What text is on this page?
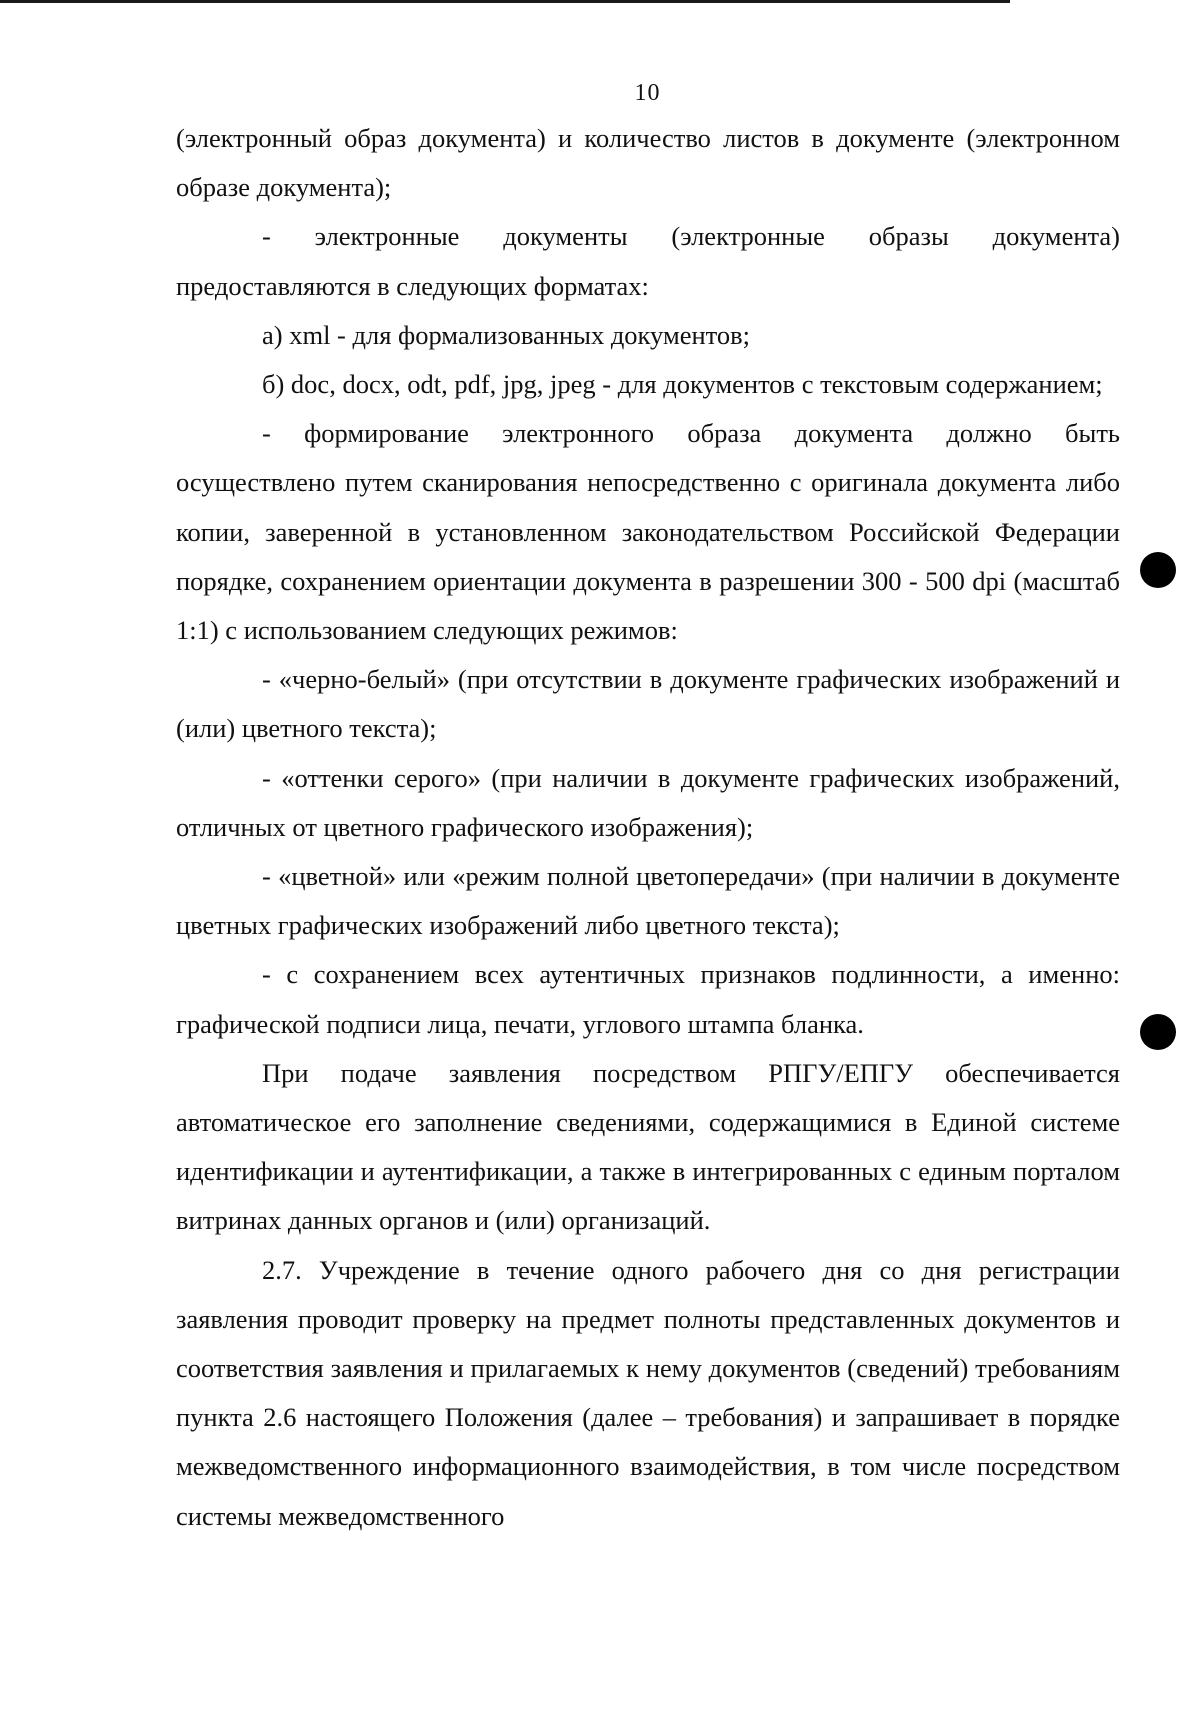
10

(электронный образ документа) и количество листов в документе (электронном образе документа);

- электронные документы (электронные образы документа) предоставляются в следующих форматах:

а) xml - для формализованных документов;

б) doc, docx, odt, pdf, jpg, jpeg - для документов с текстовым содержанием;

- формирование электронного образа документа должно быть осуществлено путем сканирования непосредственно с оригинала документа либо копии, заверенной в установленном законодательством Российской Федерации порядке, сохранением ориентации документа в разрешении 300 - 500 dpi (масштаб 1:1) с использованием следующих режимов:

- «черно-белый» (при отсутствии в документе графических изображений и (или) цветного текста);

- «оттенки серого» (при наличии в документе графических изображений, отличных от цветного графического изображения);

- «цветной» или «режим полной цветопередачи» (при наличии в документе цветных графических изображений либо цветного текста);

- с сохранением всех аутентичных признаков подлинности, а именно: графической подписи лица, печати, углового штампа бланка.

При подаче заявления посредством РПГУ/ЕПГУ обеспечивается автоматическое его заполнение сведениями, содержащимися в Единой системе идентификации и аутентификации, а также в интегрированных с единым порталом витринах данных органов и (или) организаций.

2.7. Учреждение в течение одного рабочего дня со дня регистрации заявления проводит проверку на предмет полноты представленных документов и соответствия заявления и прилагаемых к нему документов (сведений) требованиям пункта 2.6 настоящего Положения (далее – требования) и запрашивает в порядке межведомственного информационного взаимодействия, в том числе посредством системы межведомственного
